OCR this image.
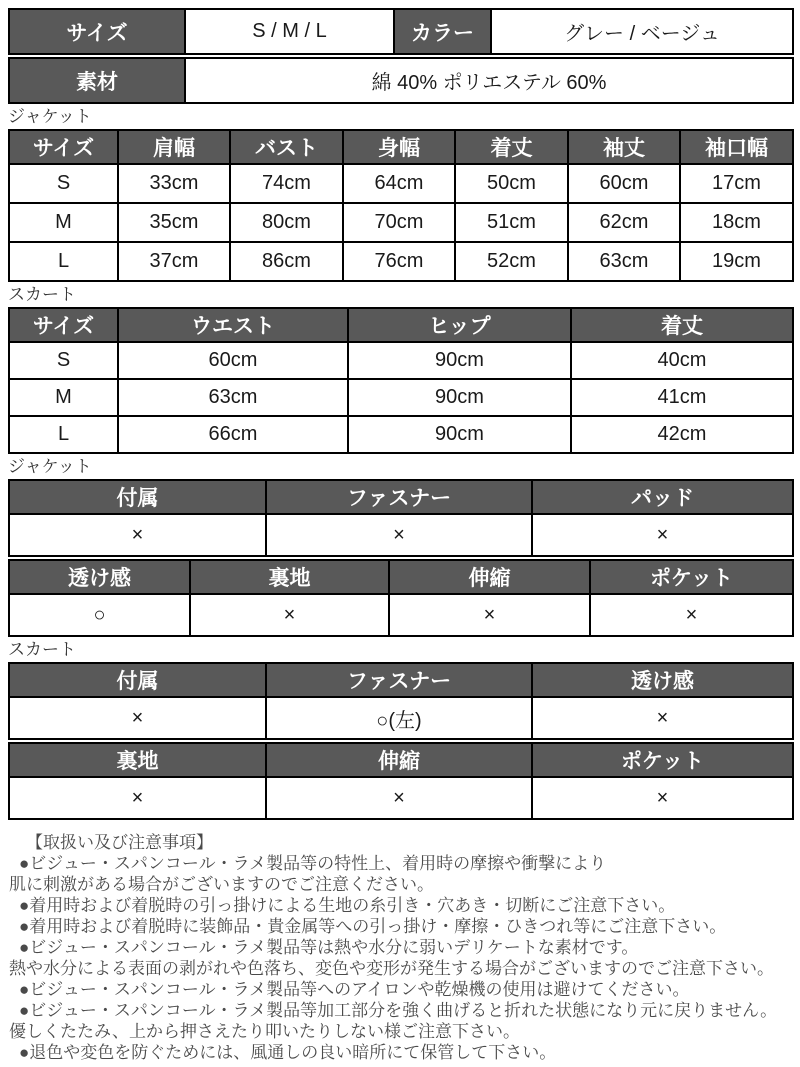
サイズ	S / M / L	カラー	グレー / ベージュ
素材	綿 40% ポリエステル 60%
ジャケット
サイズ	肩幅	バスト	身幅	着丈	袖丈	袖口幅
S	33cm	74cm	64cm	50cm	60cm	17cm
M	35cm	80cm	70cm	51cm	62cm	18cm
L	37cm	86cm	76cm	52cm	63cm	19cm
スカート
サイズ	ウエスト	ヒップ	着丈
S	60cm	90cm	40cm
M	63cm	90cm	41cm
L	66cm	90cm	42cm
ジャケット
付属	ファスナー	パッド
×	×	×
透け感	裏地	伸縮	ポケット
○	×	×	×
スカート
付属	ファスナー	透け感
×	○(左)	×
裏地	伸縮	ポケット
×	×	×
【取扱い及び注意事項】
●ビジュー・スパンコール・ラメ製品等の特性上、着用時の摩擦や衝撃により
肌に刺激がある場合がございますのでご注意ください。
●着用時および着脱時の引っ掛けによる生地の糸引き・穴あき・切断にご注意下さい。
●着用時および着脱時に装飾品・貴金属等への引っ掛け・摩擦・ひきつれ等にご注意下さい。
●ビジュー・スパンコール・ラメ製品等は熱や水分に弱いデリケートな素材です。
熱や水分による表面の剥がれや色落ち、変色や変形が発生する場合がございますのでご注意下さい。
●ビジュー・スパンコール・ラメ製品等へのアイロンや乾燥機の使用は避けてください。
●ビジュー・スパンコール・ラメ製品等加工部分を強く曲げると折れた状態になり元に戻りません。
優しくたたみ、上から押さえたり叩いたりしない様ご注意下さい。
●退色や変色を防ぐためには、風通しの良い暗所にて保管して下さい。
